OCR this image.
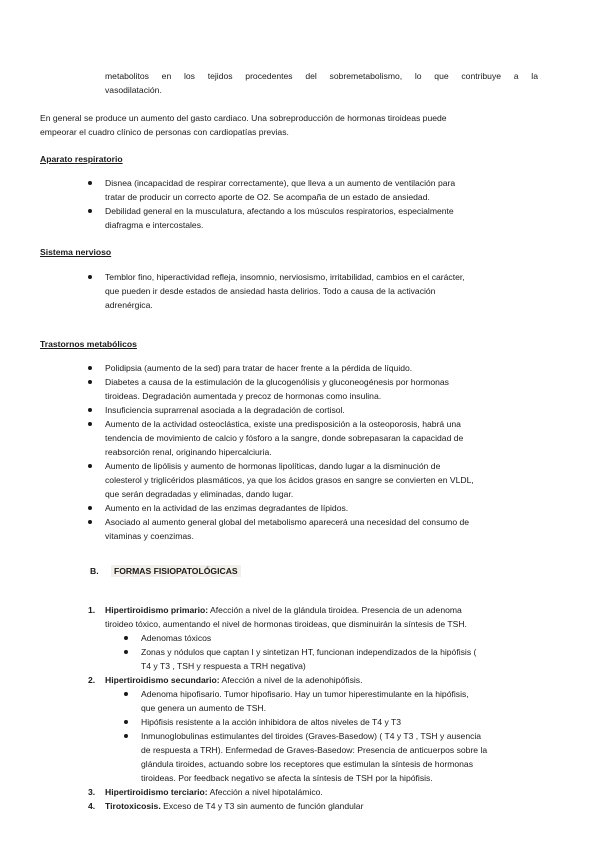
metabolitos en los tejidos procedentes del sobremetabolismo, lo que contribuye a la
vasodilatación.
En general se produce un aumento del gasto cardiaco. Una sobreproducción de hormonas tiroideas puede
empeorar el cuadro clínico de personas con cardiopatías previas.
Aparato respiratorio
Disnea (incapacidad de respirar correctamente), que lleva a un aumento de ventilación para
tratar de producir un correcto aporte de O2. Se acompaña de un estado de ansiedad.
Debilidad general en la musculatura, afectando a los músculos respiratorios, especialmente
diafragma e intercostales.
Sistema nervioso
Temblor fino, hiperactividad refleja, insomnio, nerviosismo, irritabilidad, cambios en el carácter,
que pueden ir desde estados de ansiedad hasta delirios. Todo a causa de la activación
adrenérgica.
Trastornos metabólicos
Polidipsia (aumento de la sed) para tratar de hacer frente a la pérdida de líquido.
Diabetes a causa de la estimulación de la glucogenólisis y gluconeogénesis por hormonas
tiroideas. Degradación aumentada y precoz de hormonas como insulina.
Insuficiencia suprarrenal asociada a la degradación de cortisol.
Aumento de la actividad osteoclástica, existe una predisposición a la osteoporosis, habrá una
tendencia de movimiento de calcio y fósforo a la sangre, donde sobrepasaran la capacidad de
reabsorción renal, originando hipercalciuria.
Aumento de lipólisis y aumento de hormonas lipolíticas, dando lugar a la disminución de
colesterol y triglicéridos plasmáticos, ya que los ácidos grasos en sangre se convierten en VLDL,
que serán degradadas y eliminadas, dando lugar.
Aumento en la actividad de las enzimas degradantes de lípidos.
Asociado al aumento general global del metabolismo aparecerá una necesidad del consumo de
vitaminas y coenzimas.
B. FORMAS FISIOPATOLÓGICAS
1. Hipertiroidismo primario: Afección a nivel de la glándula tiroidea. Presencia de un adenoma
tiroideo tóxico, aumentando el nivel de hormonas tiroideas, que disminuirán la síntesis de TSH.
Adenomas tóxicos
Zonas y nódulos que captan I y sintetizan HT, funcionan independizados de la hipófisis (
T4 y T3 , TSH y respuesta a TRH negativa)
2. Hipertiroidismo secundario: Afección a nivel de la adenohipófisis.
Adenoma hipofisario. Tumor hipofisario. Hay un tumor hiperestimulante en la hipófisis,
que genera un aumento de TSH.
Hipófisis resistente a la acción inhibidora de altos niveles de T4 y T3
Inmunoglobulinas estimulantes del tiroides (Graves-Basedow) ( T4 y T3 , TSH y ausencia
de respuesta a TRH). Enfermedad de Graves-Basedow: Presencia de anticuerpos sobre la
glándula tiroides, actuando sobre los receptores que estimulan la síntesis de hormonas
tiroideas. Por feedback negativo se afecta la síntesis de TSH por la hipófisis.
3. Hipertiroidismo terciario: Afección a nivel hipotalámico.
4. Tirotoxicosis. Exceso de T4 y T3 sin aumento de función glandular
